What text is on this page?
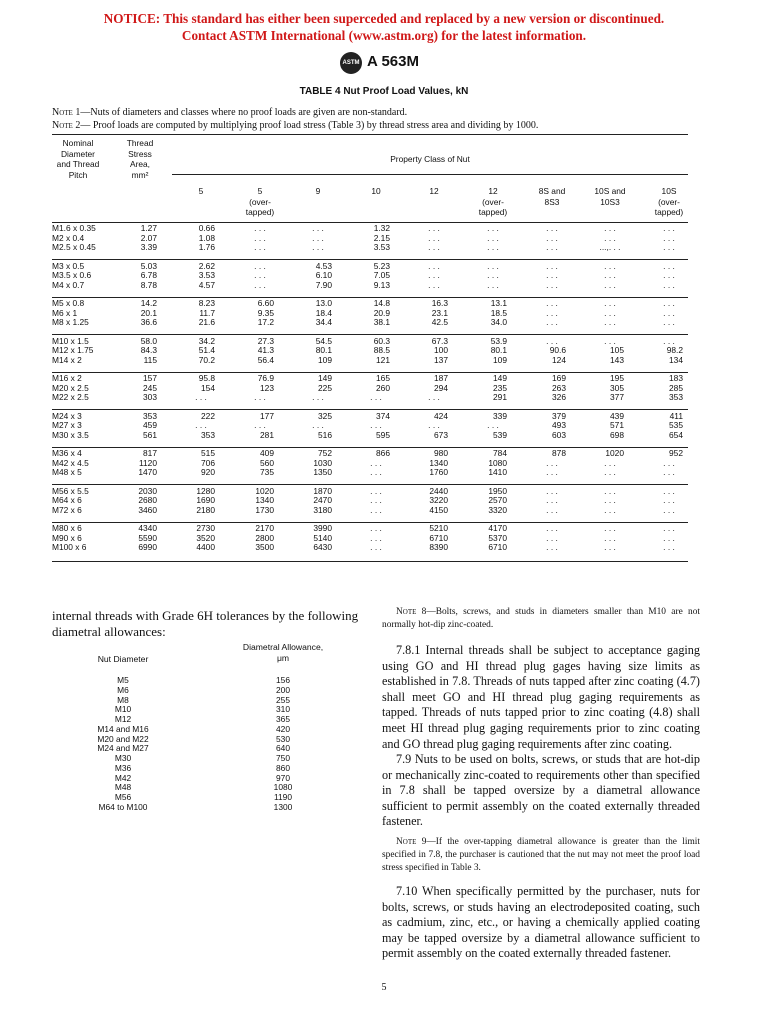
NOTICE: This standard has either been superceded and replaced by a new version or discontinued.
Contact ASTM International (www.astm.org) for the latest information.
ASTM A 563M
TABLE 4 Nut Proof Load Values, kN
Note 1—Nuts of diameters and classes where no proof loads are given are non-standard.
Note 2— Proof loads are computed by multiplying proof load stress (Table 3) by thread stress area and dividing by 1000.
Nominal
Diameter
and Thread
Pitch
Thread
Stress
Area,
mm²
Property Class of Nut
5	5
(over-
tapped)
9	10	12	12
(over-
tapped)
8S and
8S3
10S and
10S3
10S
(over-
tapped)
M1.6 x 0.35	1.27	0.66	. . .	. . .	1.32	. . .	. . .	. . .	. . .	. . .
M2 x 0.4	2.07	1.08	. . .	. . .	2.15	. . .	. . .	. . .	. . .	. . .
M2.5 x 0.45	3.39	1.76	. . .	. . .	3.53	. . .	. . .	. . .	...,. . .	. . .
M3 x 0.5	5.03	2.62	. . .	4.53	5.23	. . .	. . .	. . .	. . .	. . .
M3.5 x 0.6	6.78	3.53	. . .	6.10	7.05	. . .	. . .	. . .	. . .	. . .
M4 x 0.7	8.78	4.57	. . .	7.90	9.13	. . .	. . .	. . .	. . .	. . .
M5 x 0.8	14.2	8.23	6.60	13.0	14.8	16.3	13.1	. . .	. . .	. . .
M6 x 1	20.1	11.7	9.35	18.4	20.9	23.1	18.5	. . .	. . .	. . .
M8 x 1.25	36.6	21.6	17.2	34.4	38.1	42.5	34.0	. . .	. . .	. . .
M10 x 1.5	58.0	34.2	27.3	54.5	60.3	67.3	53.9	. . .	. . .	. . .
M12 x 1.75	84.3	51.4	41.3	80.1	88.5	100	80.1	90.6	105	98.2
M14 x 2	115	70.2	56.4	109	121	137	109	124	143	134
M16 x 2	157	95.8	76.9	149	165	187	149	169	195	183
M20 x 2.5	245	154	123	225	260	294	235	263	305	285
M22 x 2.5	303	. . .	. . .	. . .	. . .	. . .	291	326	377	353
M24 x 3	353	222	177	325	374	424	339	379	439	411
M27 x 3	459	. . .	. . .	. . .	. . .	. . .	. . .	493	571	535
M30 x 3.5	561	353	281	516	595	673	539	603	698	654
M36 x 4	817	515	409	752	866	980	784	878	1020	952
M42 x 4.5	1120	706	560	1030	. . .	1340	1080	. . .	. . .	. . .
M48 x 5	1470	920	735	1350	. . .	1760	1410	. . .	. . .	. . .
M56 x 5.5	2030	1280	1020	1870	. . .	2440	1950	. . .	. . .	. . .
M64 x 6	2680	1690	1340	2470	. . .	3220	2570	. . .	. . .	. . .
M72 x 6	3460	2180	1730	3180	. . .	4150	3320	. . .	. . .	. . .
M80 x 6	4340	2730	2170	3990	. . .	5210	4170	. . .	. . .	. . .
M90 x 6	5590	3520	2800	5140	. . .	6710	5370	. . .	. . .	. . .
M100 x 6	6990	4400	3500	6430	. . .	8390	6710	. . .	. . .	. . .
internal threads with Grade 6H tolerances by the following
diametral allowances:
Diametral Allowance,
μm
Nut Diameter
M5	156
M6	200
M8	255
M10	310
M12	365
M14 and M16	420
M20 and M22	530
M24 and M27	640
M30	750
M36	860
M42	970
M48	1080
M56	1190
M64 to M100	1300
Note 8—Bolts, screws, and studs in diameters smaller than M10 are not normally hot-dip zinc-coated.
7.8.1 Internal threads shall be subject to acceptance gaging using GO and HI thread plug gages having size limits as established in 7.8. Threads of nuts tapped after zinc coating (4.7) shall meet GO and HI thread plug gaging requirements as tapped. Threads of nuts tapped prior to zinc coating (4.8) shall meet HI thread plug gaging requirements prior to zinc coating and GO thread plug gaging requirements after zinc coating.
7.9 Nuts to be used on bolts, screws, or studs that are hot-dip or mechanically zinc-coated to requirements other than specified in 7.8 shall be tapped oversize by a diametral allowance sufficient to permit assembly on the coated externally threaded fastener.
Note 9—If the over-tapping diametral allowance is greater than the limit specified in 7.8, the purchaser is cautioned that the nut may not meet the proof load stress specified in Table 3.
7.10 When specifically permitted by the purchaser, nuts for bolts, screws, or studs having an electrodeposited coating, such as cadmium, zinc, etc., or having a chemically applied coating may be tapped oversize by a diametral allowance sufficient to permit assembly on the coated externally threaded fastener.
5
